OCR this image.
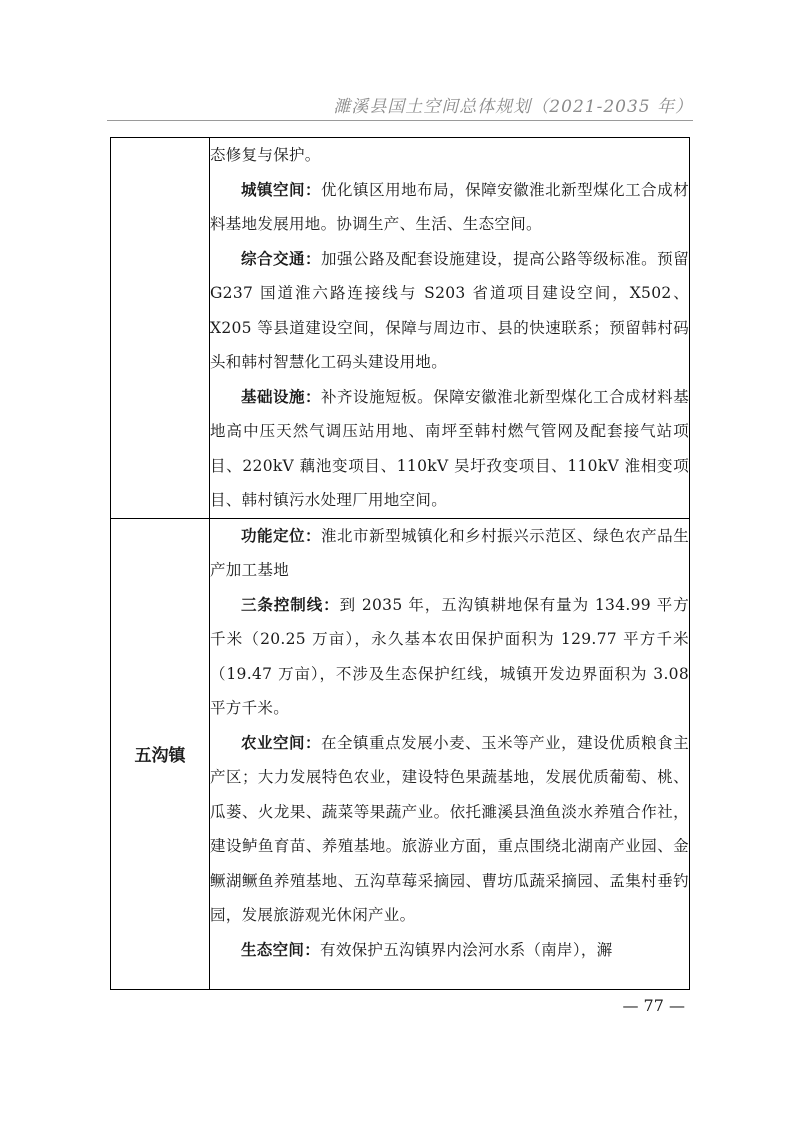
濉溪县国土空间总体规划（2021-2035 年）

	态修复与保护。

城镇空间：优化镇区用地布局，保障安徽淮北新型煤化工合成材料基地发展用地。协调生产、生活、生态空间。

综合交通：加强公路及配套设施建设，提高公路等级标准。预留 G237 国道淮六路连接线与 S203 省道项目建设空间，X502、X205 等县道建设空间，保障与周边市、县的快速联系；预留韩村码头和韩村智慧化工码头建设用地。

基础设施：补齐设施短板。保障安徽淮北新型煤化工合成材料基地高中压天然气调压站用地、南坪至韩村燃气管网及配套接气站项目、220kV 藕池变项目、110kV 吴圩孜变项目、110kV 淮相变项目、韩村镇污水处理厂用地空间。

五沟镇	功能定位：淮北市新型城镇化和乡村振兴示范区、绿色农产品生产加工基地

三条控制线：到 2035 年，五沟镇耕地保有量为 134.99 平方千米（20.25 万亩），永久基本农田保护面积为 129.77 平方千米（19.47 万亩），不涉及生态保护红线，城镇开发边界面积为 3.08 平方千米。

农业空间：在全镇重点发展小麦、玉米等产业，建设优质粮食主产区；大力发展特色农业，建设特色果蔬基地，发展优质葡萄、桃、瓜蒌、火龙果、蔬菜等果蔬产业。依托濉溪县渔鱼淡水养殖合作社，建设鲈鱼育苗、养殖基地。旅游业方面，重点围绕北湖南产业园、金鳜湖鳜鱼养殖基地、五沟草莓采摘园、曹坊瓜蔬采摘园、孟集村垂钓园，发展旅游观光休闲产业。

生态空间：有效保护五沟镇界内浍河水系（南岸），澥

— 77 —
